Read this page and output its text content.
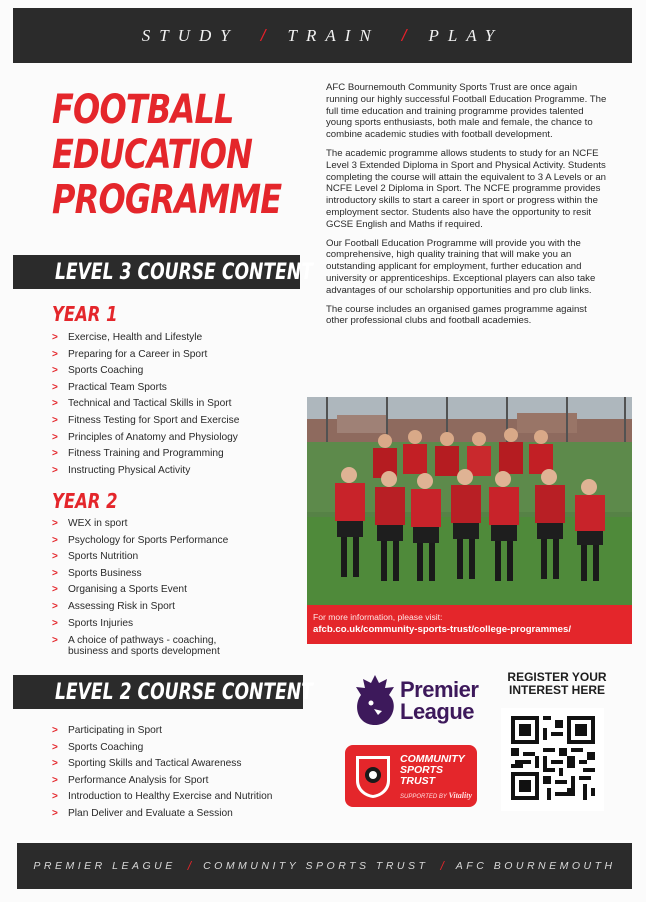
STUDY / TRAIN / PLAY
FOOTBALL
EDUCATION
PROGRAMME
LEVEL 3 COURSE CONTENT
YEAR 1
> Exercise, Health and Lifestyle
> Preparing for a Career in Sport
> Sports Coaching
> Practical Team Sports
> Technical and Tactical Skills in Sport
> Fitness Testing for Sport and Exercise
> Principles of Anatomy and Physiology
> Fitness Training and Programming
> Instructing Physical Activity
YEAR 2
> WEX in sport
> Psychology for Sports Performance
> Sports Nutrition
> Sports Business
> Organising a Sports Event
> Assessing Risk in Sport
> Sports Injuries
> A choice of pathways - coaching, business and sports development
LEVEL 2 COURSE CONTENT
> Participating in Sport
> Sports Coaching
> Sporting Skills and Tactical Awareness
> Performance Analysis for Sport
> Introduction to Healthy Exercise and Nutrition
> Plan Deliver and Evaluate a Session

AFC Bournemouth Community Sports Trust are once again running our highly successful Football Education Programme. The full time education and training programme provides talented young sports enthusiasts, both male and female, the chance to combine academic studies with football development.

The academic programme allows students to study for an NCFE Level 3 Extended Diploma in Sport and Physical Activity. Students completing the course will attain the equivalent to 3 A Levels or an NCFE Level 2 Diploma in Sport. The NCFE programme provides introductory skills to start a career in sport or progress within the employment sector. Students also have the opportunity to resit GCSE English and Maths if required.

Our Football Education Programme will provide you with the comprehensive, high quality training that will make you an outstanding applicant for employment, further education and university or apprenticeships. Exceptional players can also take advantages of our scholarship opportunities and pro club links.

The course includes an organised games programme against other professional clubs and football academies.

For more information, please visit:
afcb.co.uk/community-sports-trust/college-programmes/
Premier
League
COMMUNITY
SPORTS
TRUST
SUPPORTED BY Vitality
REGISTER YOUR
INTEREST HERE
PREMIER LEAGUE / COMMUNITY SPORTS TRUST / AFC BOURNEMOUTH
